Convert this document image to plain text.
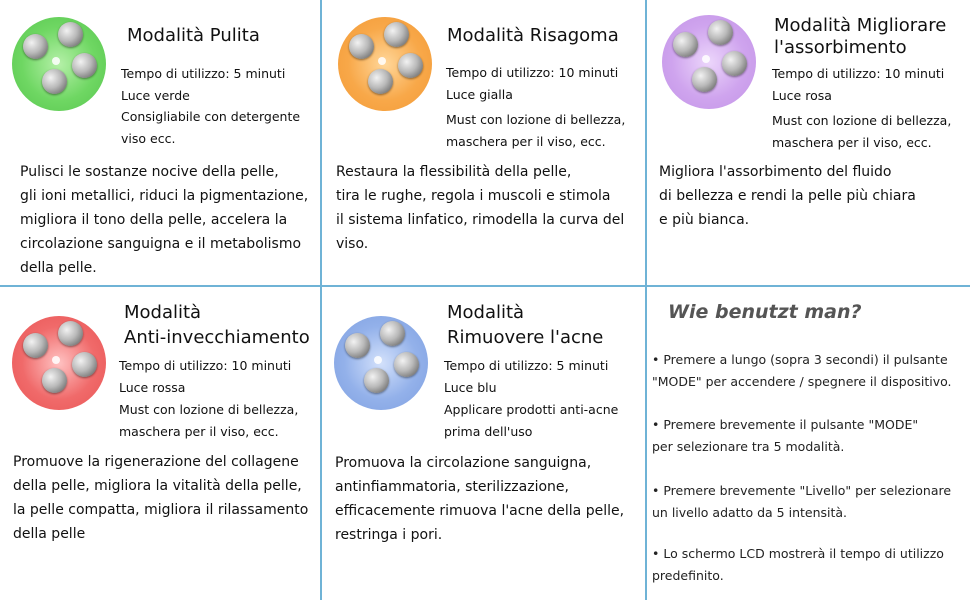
Modalità Pulita
Tempo di utilizzo: 5 minuti
Luce verde
Consigliabile con detergente
viso ecc.
Pulisci le sostanze nocive della pelle,
gli ioni metallici, riduci la pigmentazione,
migliora il tono della pelle, accelera la
circolazione sanguigna e il metabolismo
della pelle.
Modalità Risagoma
Tempo di utilizzo: 10 minuti
Luce gialla
Must con lozione di bellezza,
maschera per il viso, ecc.
Restaura la flessibilità della pelle,
tira le rughe, regola i muscoli e stimola
il sistema linfatico, rimodella la curva del
viso.
Modalità Migliorare
l'assorbimento
Tempo di utilizzo: 10 minuti
Luce rosa
Must con lozione di bellezza,
maschera per il viso, ecc.
Migliora l'assorbimento del fluido
di bellezza e rendi la pelle più chiara
e più bianca.
Modalità
Anti-invecchiamento
Tempo di utilizzo: 10 minuti
Luce rossa
Must con lozione di bellezza,
maschera per il viso, ecc.
Promuove la rigenerazione del collagene
della pelle, migliora la vitalità della pelle,
la pelle compatta, migliora il rilassamento
della pelle
Modalità
Rimuovere l'acne
Tempo di utilizzo: 5 minuti
Luce blu
Applicare prodotti anti-acne
prima dell'uso
Promuova la circolazione sanguigna,
antinfiammatoria, sterilizzazione,
efficacemente rimuova l'acne della pelle,
restringa i pori.
Wie benutzt man?
• Premere a lungo (sopra 3 secondi) il pulsante
"MODE" per accendere / spegnere il dispositivo.
• Premere brevemente il pulsante "MODE"
per selezionare tra 5 modalità.
• Premere brevemente "Livello" per selezionare
un livello adatto da 5 intensità.
• Lo schermo LCD mostrerà il tempo di utilizzo
predefinito.
